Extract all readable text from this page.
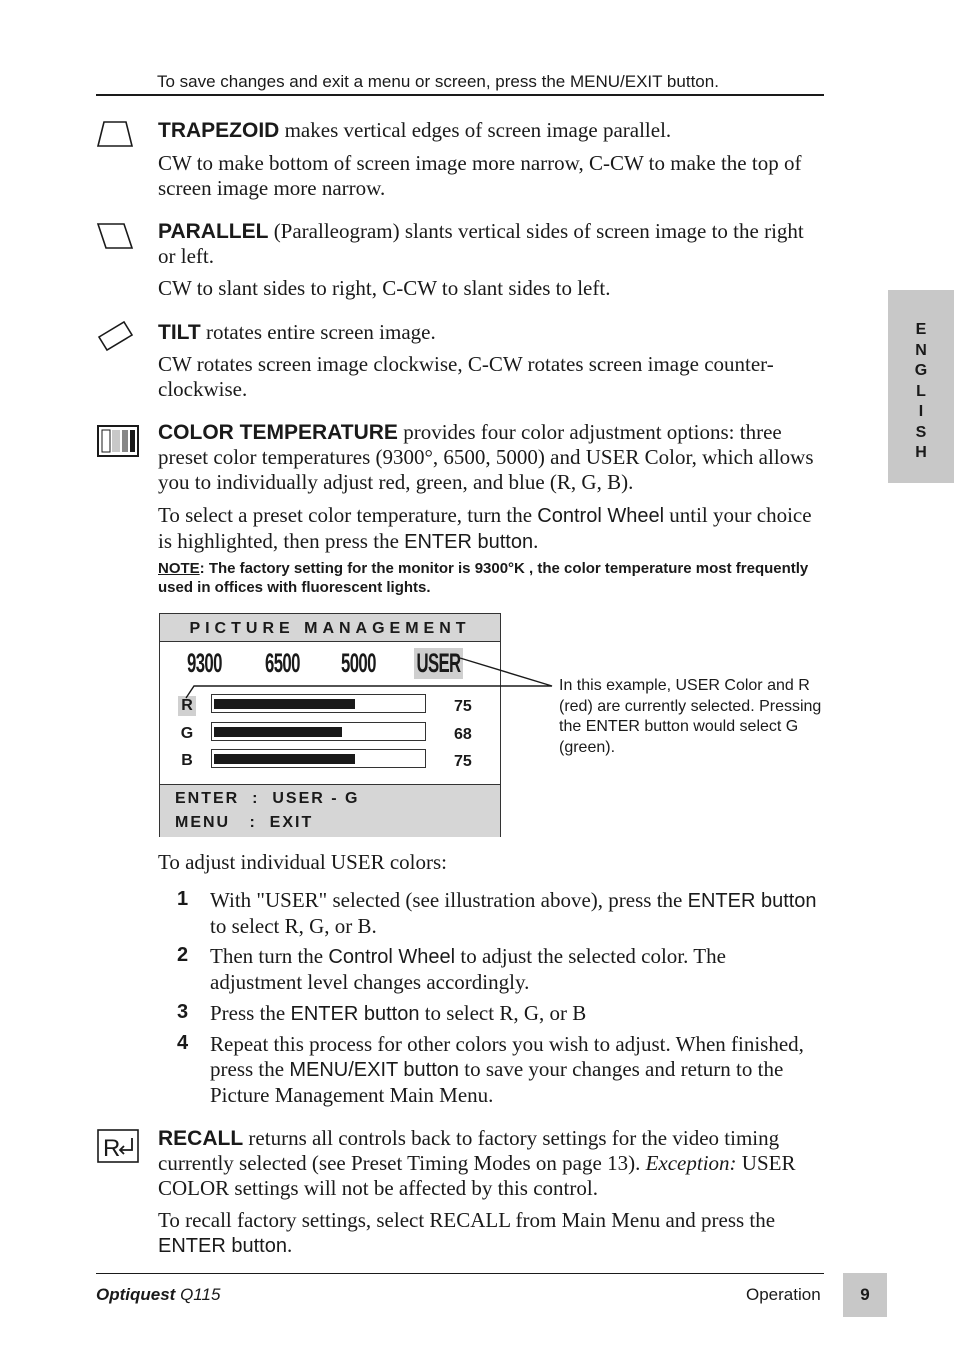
To save changes and exit a menu or screen, press the MENU/EXIT button.
E
N
G
L
I
S
H
TRAPEZOID makes vertical edges of screen image parallel.
CW to make bottom of screen image more narrow, C-CW to make the top of screen image more narrow.
PARALLEL (Paralleogram) slants vertical sides of screen image to the right or left.
CW to slant sides to right, C-CW to slant sides to left.
TILT rotates entire screen image.
CW rotates screen image clockwise, C-CW rotates screen image counter-clockwise.
COLOR TEMPERATURE provides four color adjustment options: three preset color temperatures (9300°, 6500, 5000) and USER Color, which allows you to individually adjust red, green, and blue (R, G, B).
To select a preset color temperature, turn the Control Wheel until your choice is highlighted, then press the ENTER button.
NOTE: The factory setting for the monitor is 9300°K , the color temperature most frequently used in offices with fluorescent lights.
PICTURE MANAGEMENT
9300 6500 5000 USER
R	75
G	68
B	75
ENTER  :  USER - G
MENU   :  EXIT
In this example, USER Color and R (red) are currently selected. Pressing the ENTER button would select G (green).
To adjust individual USER colors:
1 With "USER" selected (see illustration above), press the ENTER button to select R, G, or B.
2 Then turn the Control Wheel to adjust the selected color. The adjustment level changes accordingly.
3 Press the ENTER button to select R, G, or B
4 Repeat this process for other colors you wish to adjust. When finished, press the MENU/EXIT button to save your changes and return to the Picture Management Main Menu.
R RECALL returns all controls back to factory settings for the video timing currently selected (see Preset Timing Modes on page 13). Exception: USER COLOR settings will not be affected by this control.
To recall factory settings, select RECALL from Main Menu and press the ENTER button.
Optiquest Q115	Operation	9
